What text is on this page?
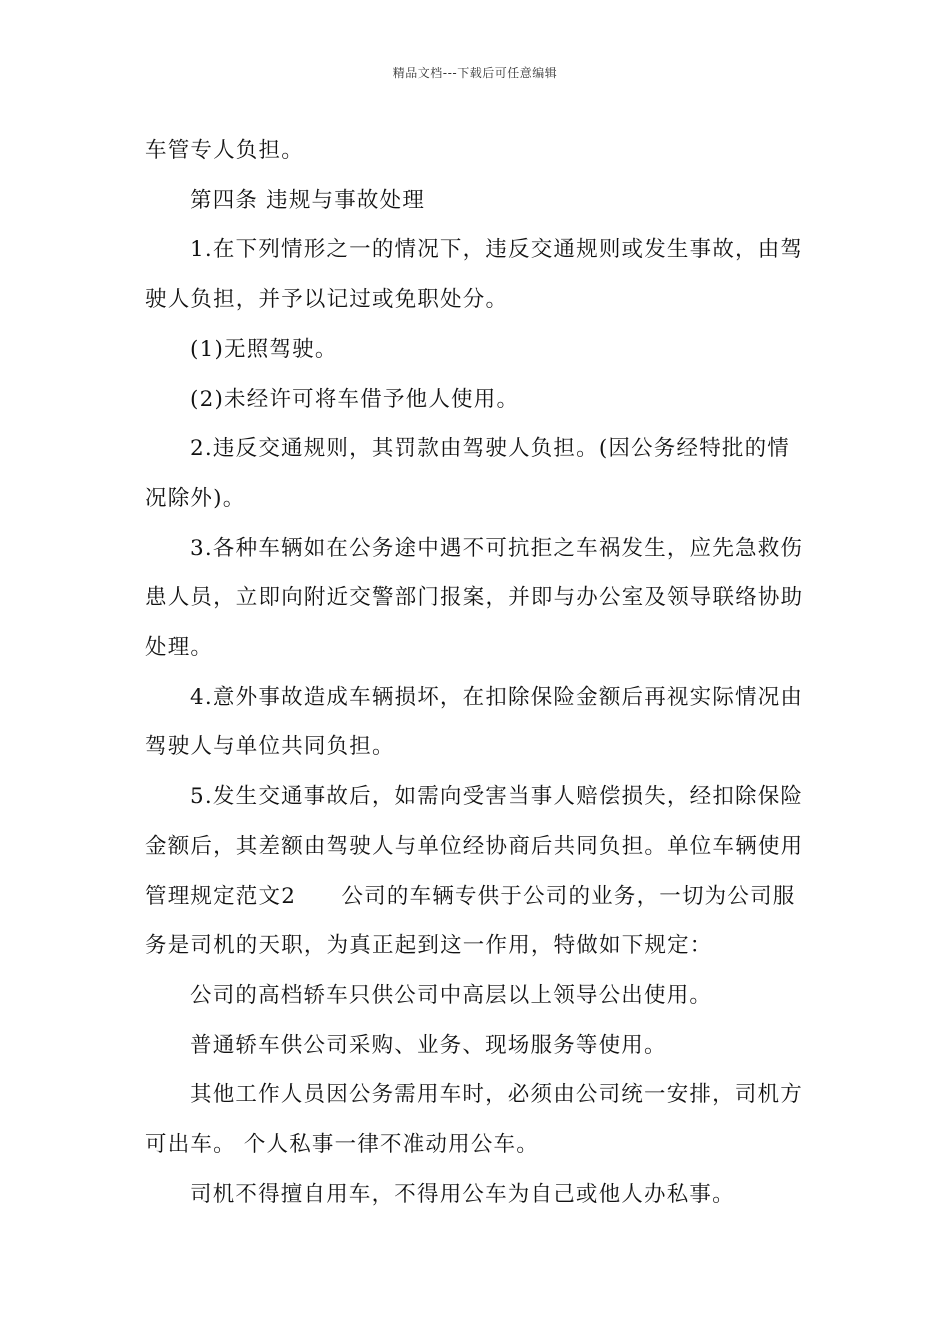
精品文档---下载后可任意编辑

车管专人负担。

第四条 违规与事故处理

1.在下列情形之一的情况下，违反交通规则或发生事故，由驾驶人负担，并予以记过或免职处分。

(1)无照驾驶。

(2)未经许可将车借予他人使用。

2.违反交通规则，其罚款由驾驶人负担。(因公务经特批的情况除外)。

3.各种车辆如在公务途中遇不可抗拒之车祸发生，应先急救伤患人员，立即向附近交警部门报案，并即与办公室及领导联络协助处理。

4.意外事故造成车辆损坏，在扣除保险金额后再视实际情况由驾驶人与单位共同负担。

5.发生交通事故后，如需向受害当事人赔偿损失，经扣除保险金额后，其差额由驾驶人与单位经协商后共同负担。单位车辆使用管理规定范文2　　公司的车辆专供于公司的业务，一切为公司服务是司机的天职，为真正起到这一作用，特做如下规定：

公司的高档轿车只供公司中高层以上领导公出使用。

普通轿车供公司采购、业务、现场服务等使用。

其他工作人员因公务需用车时，必须由公司统一安排，司机方可出车。 个人私事一律不准动用公车。

司机不得擅自用车，不得用公车为自己或他人办私事。
